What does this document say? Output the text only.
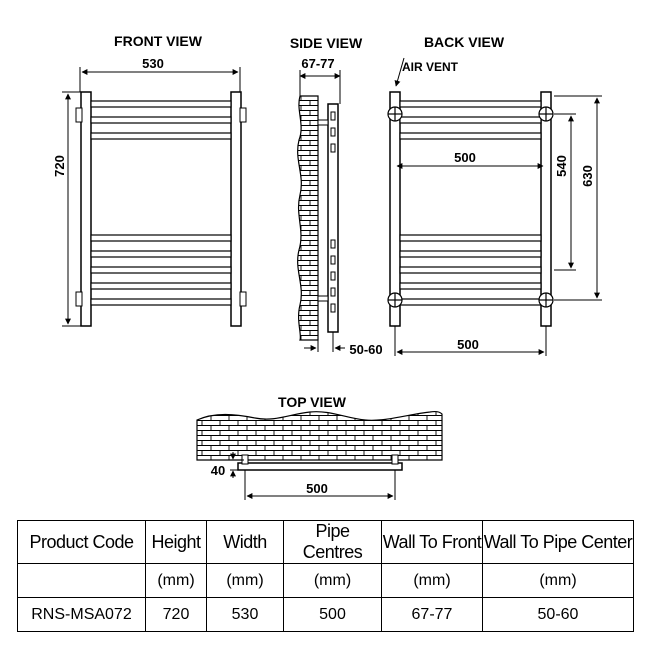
FRONT VIEW
530
720
SIDE VIEW
67-77
50-60
BACK VIEW
AIR VENT
500	540 630
500
TOP VIEW
40
500
Product Code	Height	Width	Pipe Centres	Wall To Front	Wall To Pipe Center
	(mm)	(mm)	(mm)	(mm)	(mm)
RNS-MSA072	720	530	500	67-77	50-60
